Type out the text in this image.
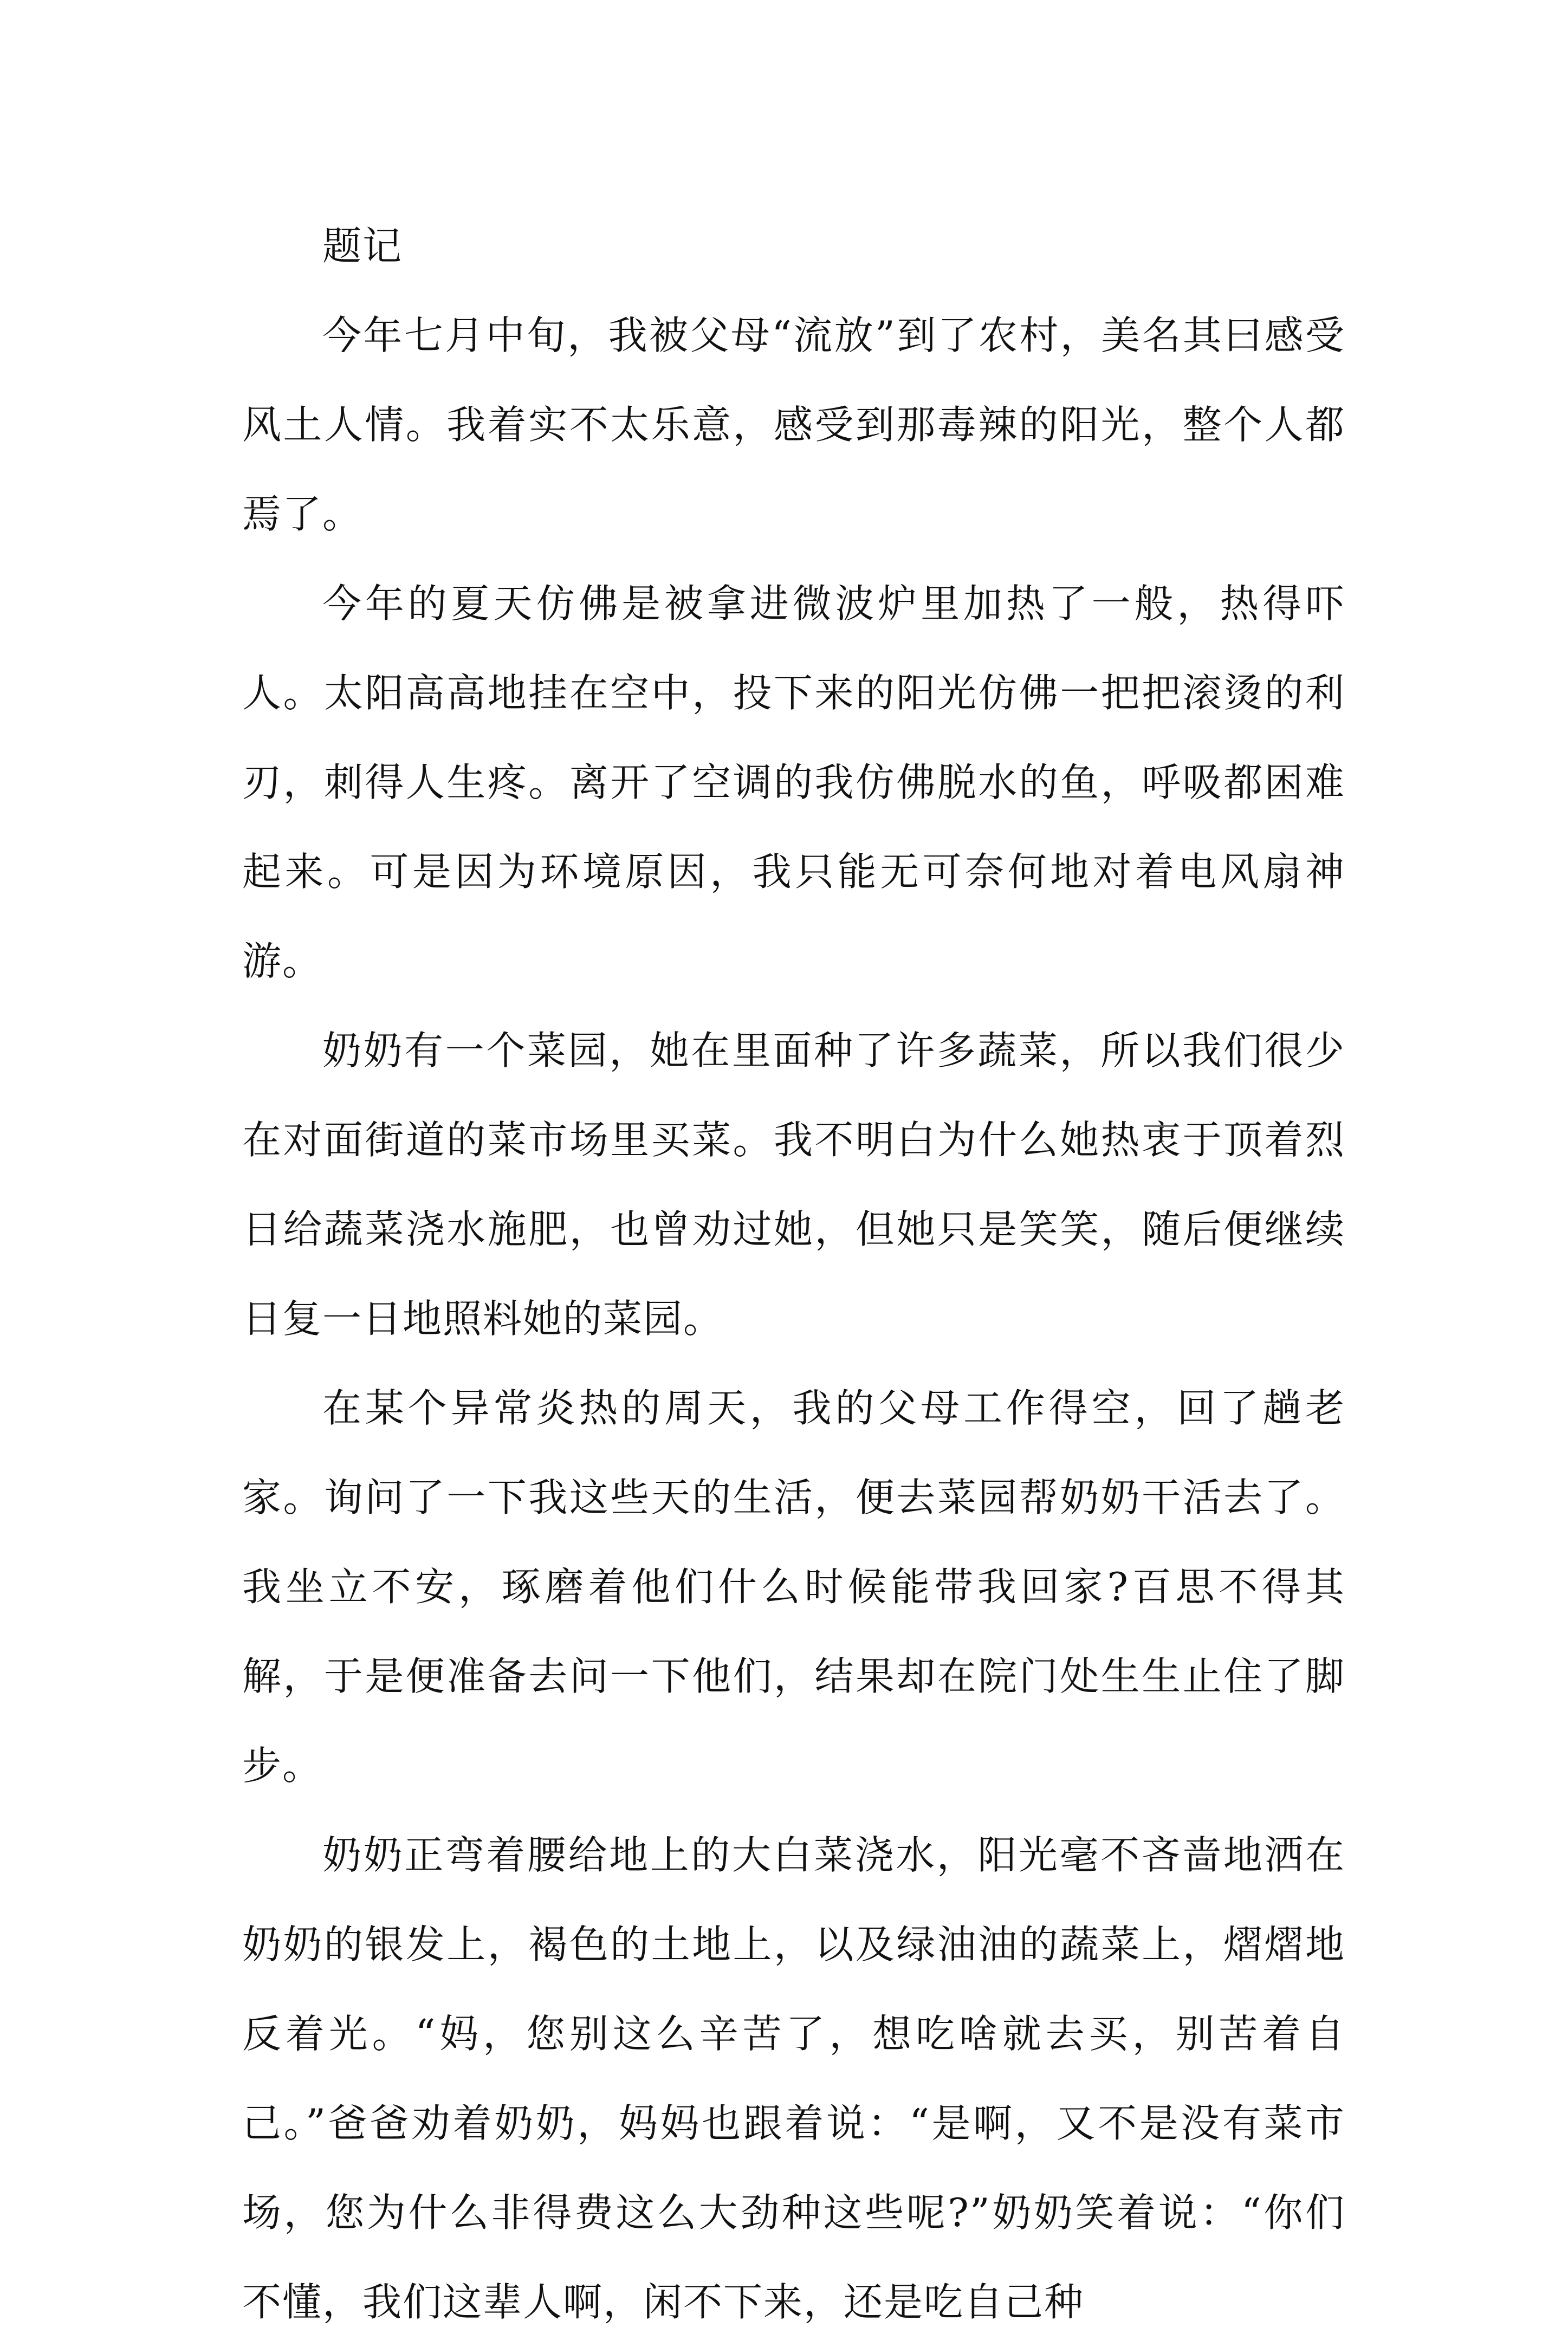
题记

今年七月中旬，我被父母“流放”到了农村，美名其曰感受风土人情。我着实不太乐意，感受到那毒辣的阳光，整个人都焉了。

今年的夏天仿佛是被拿进微波炉里加热了一般，热得吓人。太阳高高地挂在空中，投下来的阳光仿佛一把把滚烫的利刃，刺得人生疼。离开了空调的我仿佛脱水的鱼，呼吸都困难起来。可是因为环境原因，我只能无可奈何地对着电风扇神游。

奶奶有一个菜园，她在里面种了许多蔬菜，所以我们很少在对面街道的菜市场里买菜。我不明白为什么她热衷于顶着烈日给蔬菜浇水施肥，也曾劝过她，但她只是笑笑，随后便继续日复一日地照料她的菜园。

在某个异常炎热的周天，我的父母工作得空，回了趟老家。询问了一下我这些天的生活，便去菜园帮奶奶干活去了。我坐立不安，琢磨着他们什么时候能带我回家?百思不得其解，于是便准备去问一下他们，结果却在院门处生生止住了脚步。

奶奶正弯着腰给地上的大白菜浇水，阳光毫不吝啬地洒在奶奶的银发上，褐色的土地上，以及绿油油的蔬菜上，熠熠地反着光。“妈，您别这么辛苦了，想吃啥就去买，别苦着自己。”爸爸劝着奶奶，妈妈也跟着说：“是啊，又不是没有菜市场，您为什么非得费这么大劲种这些呢?”奶奶笑着说：“你们不懂，我们这辈人啊，闲不下来，还是吃自己种
